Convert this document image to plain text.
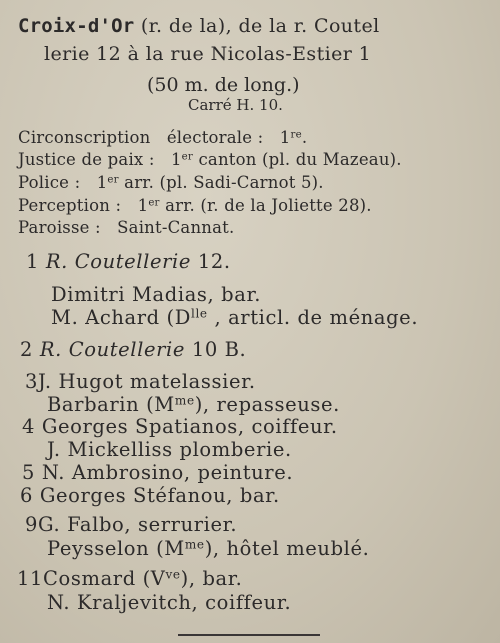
Croix-d'Or (r. de la), de la r. Coutel
lerie 12 à la rue Nicolas-Estier 1
(50 m. de long.)
Carré H. 10.
Circonscription électorale : 1re.
Justice de paix : 1er canton (pl. du Mazeau).
Police : 1er arr. (pl. Sadi-Carnot 5).
Perception : 1er arr. (r. de la Joliette 28).
Paroisse : Saint-Cannat.
1 R. Coutellerie 12.
Dimitri Madias, bar.
M. Achard ($D^{lle}$ , articl. de ménage.
2 R. Coutellerie 10 B.
3J. Hugot matelassier.
Barbarin $(M^{me})$, repasseuse.
4 Georges Spatianos, coiffeur.
J. Mickelliss plomberie.
5 N. Ambrosino, peinture.
6 Georges Stéfanou, bar.
9G. Falbo, serrurier.
Peysselon $(M^{me})$, hôtel meublé.
11Cosmard $(V^{ve})$, bar.
N. Kraljevitch, coiffeur.
